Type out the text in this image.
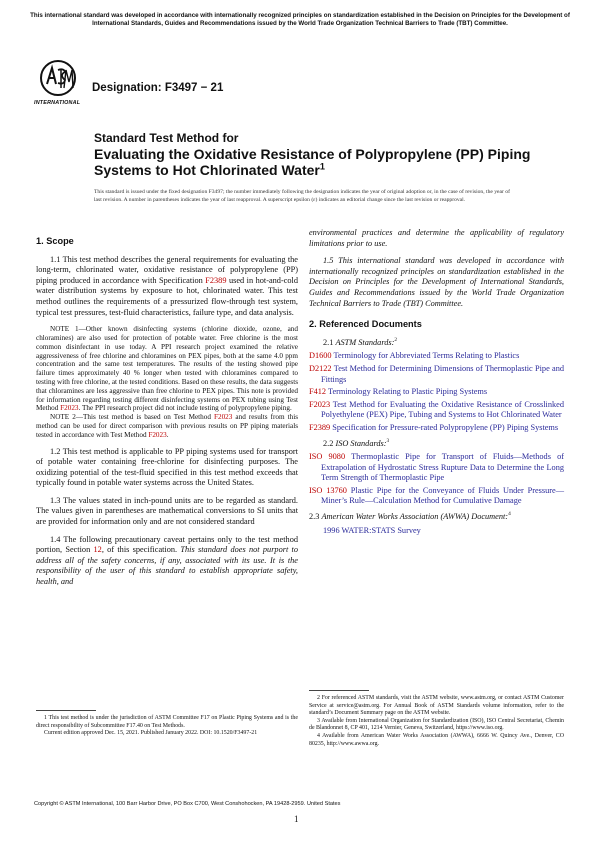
This international standard was developed in accordance with internationally recognized principles on standardization established in the Decision on Principles for the Development of International Standards, Guides and Recommendations issued by the World Trade Organization Technical Barriers to Trade (TBT) Committee.
INTERNATIONAL
Designation: F3497 − 21
Standard Test Method for
Evaluating the Oxidative Resistance of Polypropylene (PP) Piping Systems to Hot Chlorinated Water$^1$
This standard is issued under the fixed designation F3497; the number immediately following the designation indicates the year of original adoption or, in the case of revision, the year of last revision. A number in parentheses indicates the year of last reapproval. A superscript epsilon (ε) indicates an editorial change since the last revision or reapproval.
1. Scope

1.1 This test method describes the general requirements for evaluating the long-term, chlorinated water, oxidative resistance of polypropylene (PP) piping produced in accordance with Specification F2389 used in hot-and-cold water distribution systems by exposure to hot, chlorinated water. This test method outlines the requirements of a pressurized flow-through test system, typical test pressures, test-fluid characteristics, failure type, and data analysis.

NOTE 1—Other known disinfecting systems (chlorine dioxide, ozone, and chloramines) are also used for protection of potable water. Free chlorine is the most common disinfectant in use today. A PPI research project examined the relative aggressiveness of free chlorine and chloramines on PEX pipes, both at the same 4.0 ppm concentration and the same test temperatures. The results of the testing showed pipe failure times approximately 40 % longer when tested with chloramines compared to testing with free chlorine, at the tested conditions. Based on these results, the data suggests that chloramines are less aggressive than free chlorine to PEX pipes. This note is provided for information regarding testing different disinfecting systems on PEX tubing using Test Method F2023. The PPI research project did not include testing of polypropylene piping.

NOTE 2—This test method is based on Test Method F2023 and results from this method can be used for direct comparison with previous results on PP piping materials tested in accordance with Test Method F2023.

1.2 This test method is applicable to PP piping systems used for transport of potable water containing free-chlorine for disinfecting purposes. The oxidizing potential of the test-fluid specified in this test method exceeds that typically found in potable water systems across the United States.

1.3 The values stated in inch-pound units are to be regarded as standard. The values given in parentheses are mathematical conversions to SI units that are provided for information only and are not considered standard

1.4 The following precautionary caveat pertains only to the test method portion, Section 12, of this specification. This standard does not purport to address all of the safety concerns, if any, associated with its use. It is the responsibility of the user of this standard to establish appropriate safety, health, and

environmental practices and determine the applicability of regulatory limitations prior to use.

1.5 This international standard was developed in accordance with internationally recognized principles on standardization established in the Decision on Principles for the Development of International Standards, Guides and Recommendations issued by the World Trade Organization Technical Barriers to Trade (TBT) Committee.

2. Referenced Documents
2.1 ASTM Standards:$^2$
D1600 Terminology for Abbreviated Terms Relating to Plastics
D2122 Test Method for Determining Dimensions of Thermoplastic Pipe and Fittings
F412 Terminology Relating to Plastic Piping Systems
F2023 Test Method for Evaluating the Oxidative Resistance of Crosslinked Polyethylene (PEX) Pipe, Tubing and Systems to Hot Chlorinated Water
F2389 Specification for Pressure-rated Polypropylene (PP) Piping Systems
2.2 ISO Standards:$^3$
ISO 9080 Thermoplastic Pipe for Transport of Fluids—Methods of Extrapolation of Hydrostatic Stress Rupture Data to Determine the Long Term Strength of Thermoplastic Pipe
ISO 13760 Plastic Pipe for the Conveyance of Fluids Under Pressure—Miner’s Rule—Calculation Method for Cumulative Damage
2.3 American Water Works Association (AWWA) Document:$^4$
1996 WATER:STATS Survey

1 This test method is under the jurisdiction of ASTM Committee F17 on Plastic Piping Systems and is the direct responsibility of Subcommittee F17.40 on Test Methods.

Current edition approved Dec. 15, 2021. Published January 2022. DOI: 10.1520/F3497-21

2 For referenced ASTM standards, visit the ASTM website, www.astm.org, or contact ASTM Customer Service at service@astm.org. For Annual Book of ASTM Standards volume information, refer to the standard’s Document Summary page on the ASTM website.

3 Available from International Organization for Standardization (ISO), ISO Central Secretariat, Chemin de Blandonnet 8, CP 401, 1214 Vernier, Geneva, Switzerland, https://www.iso.org.

4 Available from American Water Works Association (AWWA), 6666 W. Quincy Ave., Denver, CO 80235, http://www.awwa.org.

Copyright © ASTM International, 100 Barr Harbor Drive, PO Box C700, West Conshohocken, PA 19428-2959. United States
1
